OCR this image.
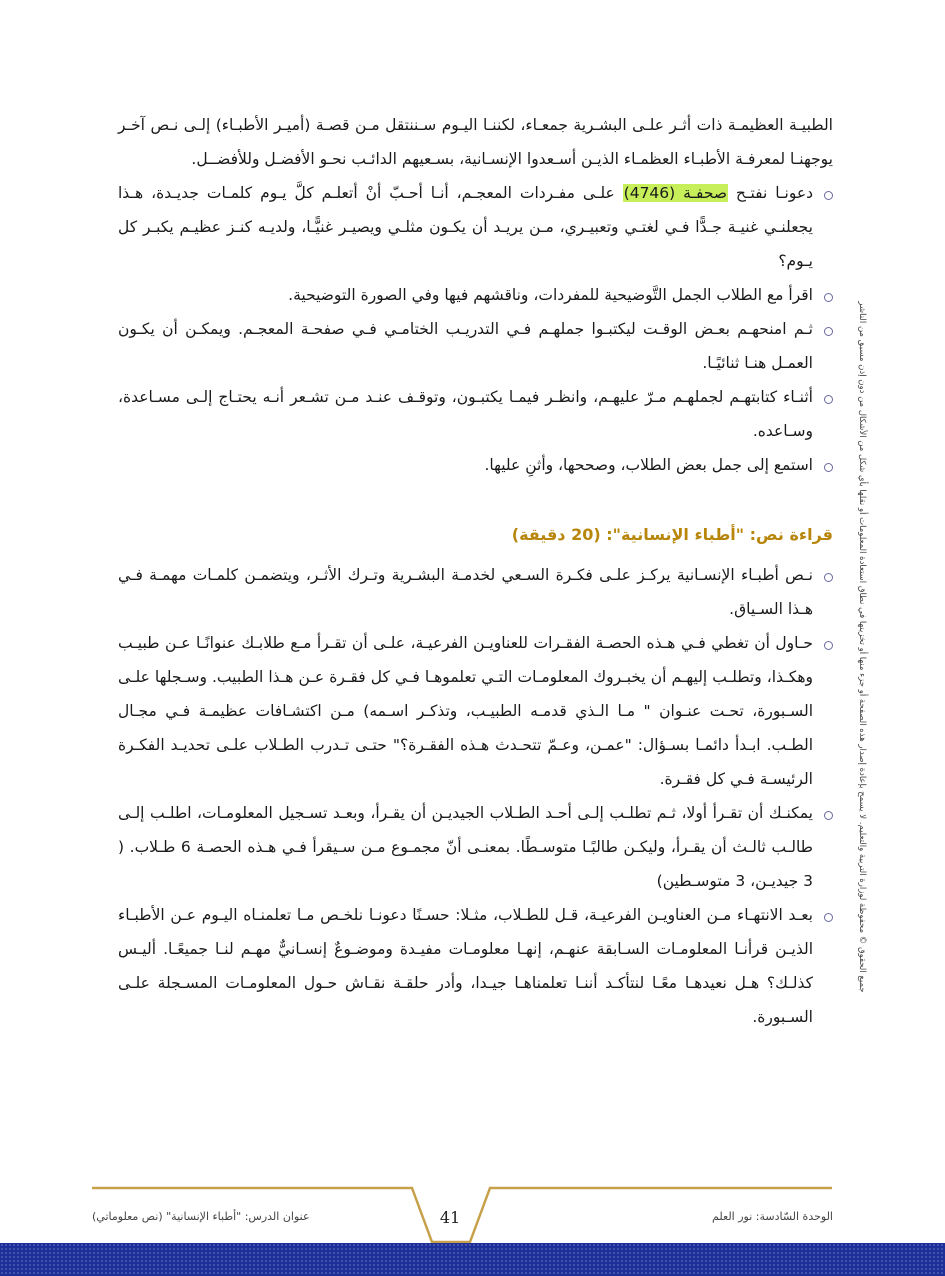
جميع الحقوق © محفوظة لوزارة التربية والتعليم. لا يسمح بإعادة إصدار هذه الصفحة أو جزء منها أو تخزينها في نطاق استعادة المعلومات أو نقلها بأي شكل من الأشكال من دون إذن مسبق من الناشر

الطبيـة العظيمـة ذات أثـر علـى البشـرية جمعـاء، لكننـا اليـوم سـننتقل مـن قصـة (أميـر الأطبـاء) إلـى نـص آخـر يوجهنـا لمعرفـة الأطبـاء العظمـاء الذيـن أسـعدوا الإنسـانية، بسـعيهم الدائـب نحـو الأفضـل وللأفضــل.

دعونـا نفتـح صحفـة (4746) علـى مفـردات المعجـم، أنـا أحـبّ أنْ أتعلـم كلَّ يـوم كلمـات جديـدة، هـذا يجعلنـي غنيـة جـدًّا فـي لغتـي وتعبيـري، مـن يريـد أن يكـون مثلـي ويصيـر غنيًّـا، ولديـه كنـز عظيـم يكبـر كل يـوم؟
اقرأ مع الطلاب الجمل التَّوضيحية للمفردات، وناقشهم فيها وفي الصورة التوضيحية.
ثـم امنحهـم بعـض الوقـت ليكتبـوا جملهـم فـي التدريـب الختامـي فـي صفحـة المعجـم. ويمكـن أن يكـون العمـل هنـا ثنائيًـا.
أثنـاء كتابتهـم لجملهـم مـرّ عليهـم، وانظـر فيمـا يكتبـون، وتوقـف عنـد مـن تشـعر أنـه يحتـاج إلـى مسـاعدة، وسـاعده.
استمع إلى جمل بعض الطلاب، وصححها، وأثنِ عليها.
قراءة نص: "أطباء الإنسانية": (20 دقيقة)
نـص أطبـاء الإنسـانية يركـز علـى فكـرة السـعي لخدمـة البشـرية وتـرك الأثـر، ويتضمـن كلمـات مهمـة فـي هـذا السـياق.
حـاول أن تغطي فـي هـذه الحصـة الفقـرات للعناويـن الفرعيـة، علـى أن تقـرأ مـع طلابـك عنوانًـا عـن طبيـب وهكـذا، وتطلـب إليهـم أن يخبـروك المعلومـات التـي تعلموهـا فـي كل فقـرة عـن هـذا الطبيب. وسـجلها علـى السـبورة، تحـت عنـوان " مـا الـذي قدمـه الطبيـب، وتذكـر اسـمه) مـن اكتشـافات عظيمـة فـي مجـال الطـب. ابـدأ دائمـا بسـؤال: "عمـن، وعـمّ تتحـدث هـذه الفقـرة؟" حتـى تـدرب الطـلاب علـى تحديـد الفكـرة الرئيسـة فـي كل فقـرة.
يمكنـك أن تقـرأ أولا، ثـم تطلـب إلـى أحـد الطـلاب الجيديـن أن يقـرأ، وبعـد تسـجيل المعلومـات، اطلـب إلـى طالـب ثالـث أن يقـرأ، وليكـن طالبًـا متوسـطًا. بمعنـى أنّ مجمـوع مـن سـيقرأ فـي هـذه الحصـة 6 طـلاب. ( 3 جيديـن، 3 متوسـطين)
بعـد الانتهـاء مـن العناويـن الفرعيـة، قـل للطـلاب، مثـلا: حسـنًا دعونـا نلخـص مـا تعلمنـاه اليـوم عـن الأطبـاء الذيـن قرأنـا المعلومـات السـابقة عنهـم، إنهـا معلومـات مفيـدة وموضـوعٌ إنسـانيٌّ مهـم لنـا جميعًـا. أليـس كذلـك؟ هـل نعيدهـا معًـا لنتأكـد أننـا تعلمناهـا جيـدا، وأدر حلقـة نقـاش حـول المعلومـات المسـجلة علـى السـبورة.
عنوان الدرس: "أطباء الإنسانية" (نص معلوماتي)	41	الوحدة السّادسة: نور العلم
